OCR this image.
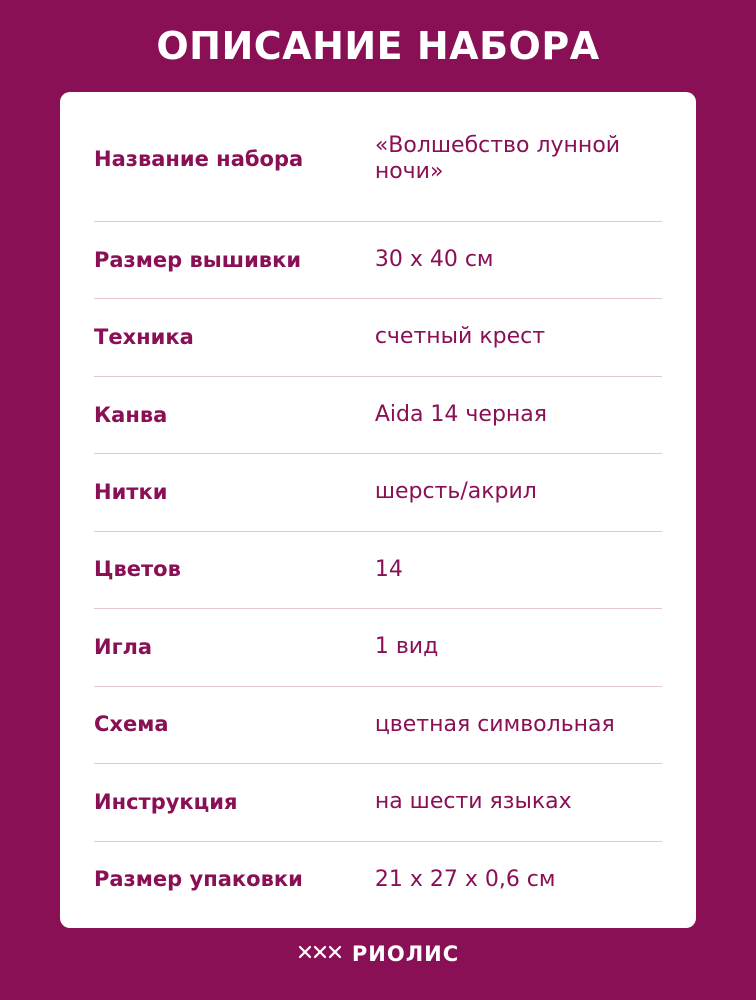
ОПИСАНИЕ НАБОРА
Название набора	«Волшебство лунной ночи»
Размер вышивки	30 x 40 см
Техника	счетный крест
Канва	Aida 14 черная
Нитки	шерсть/акрил
Цветов	14
Игла	1 вид
Схема	цветная символьная
Инструкция	на шести языках
Размер упаковки	21 x 27 x 0,6 см
РИОЛИС
